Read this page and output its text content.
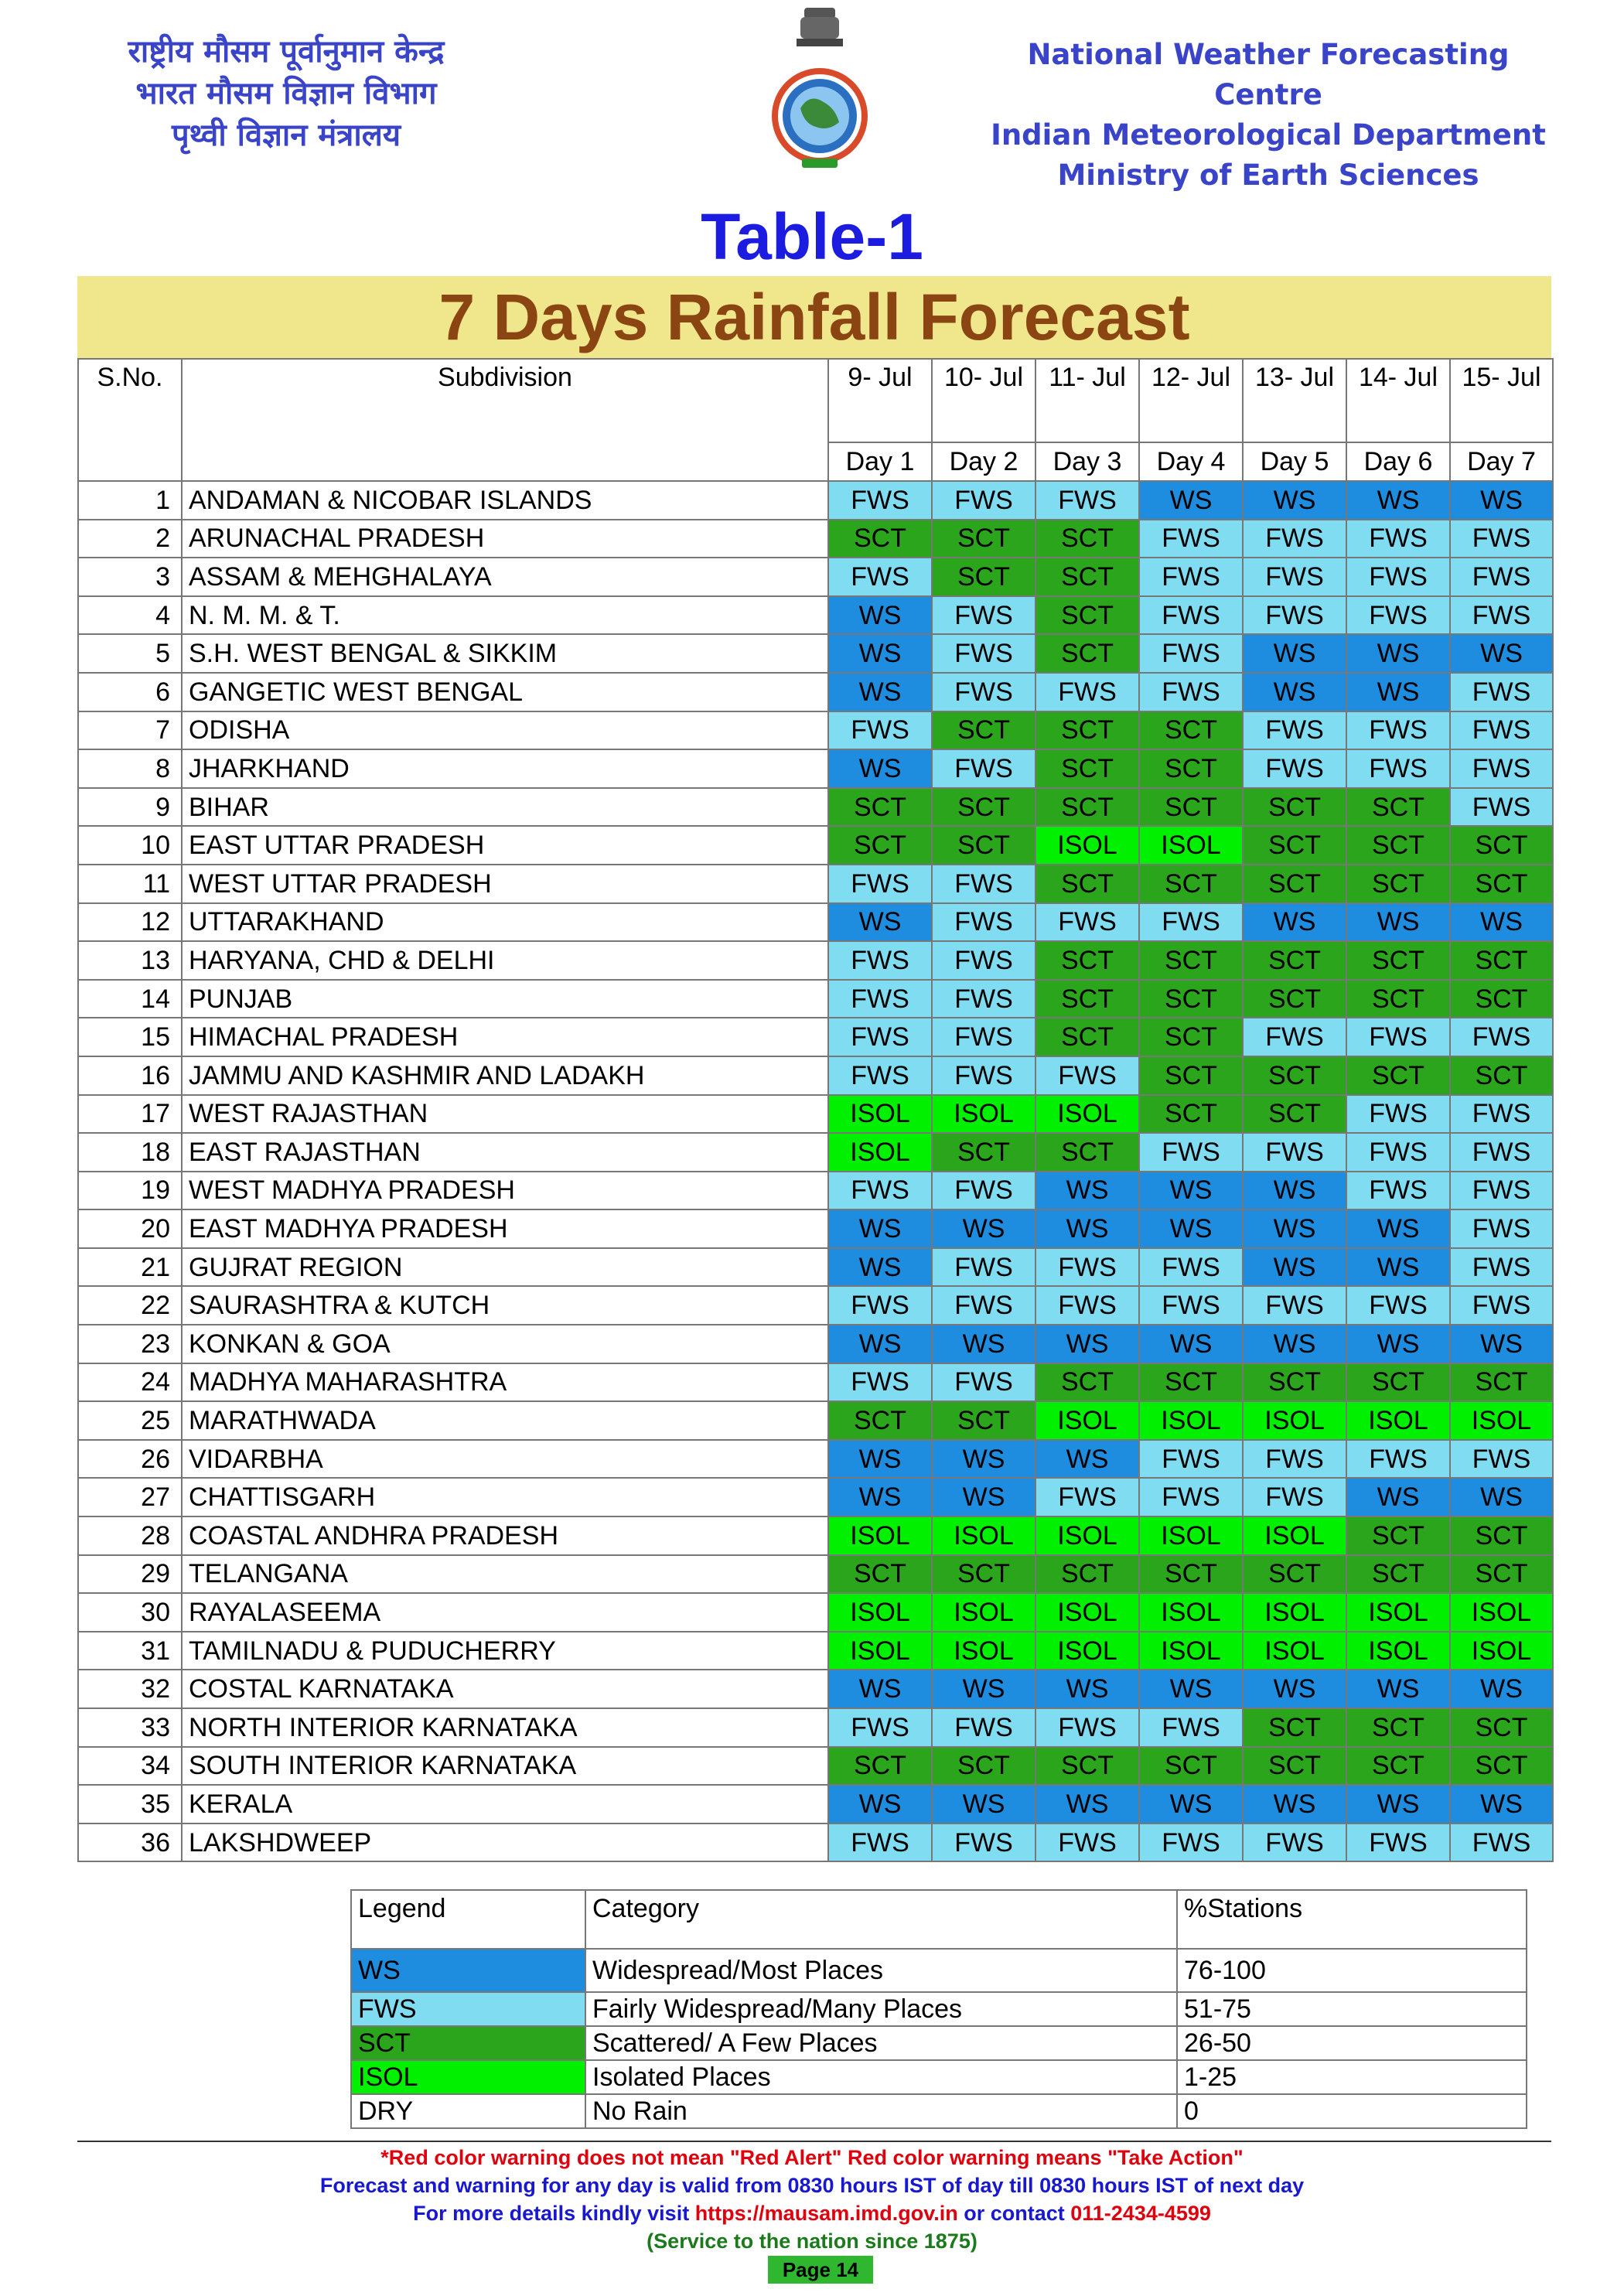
राष्ट्रीय मौसम पूर्वानुमान केन्द्र
भारत मौसम विज्ञान विभाग
पृथ्वी विज्ञान मंत्रालय
National Weather Forecasting Centre
Indian Meteorological Department
Ministry of Earth Sciences
Table-1
7 Days Rainfall Forecast
S.No.	Subdivision	9- Jul	10- Jul	11- Jul	12- Jul	13- Jul	14- Jul	15- Jul
		Day 1	Day 2	Day 3	Day 4	Day 5	Day 6	Day 7
1	ANDAMAN & NICOBAR ISLANDS	FWS	FWS	FWS	WS	WS	WS	WS
2	ARUNACHAL PRADESH	SCT	SCT	SCT	FWS	FWS	FWS	FWS
3	ASSAM & MEHGHALAYA	FWS	SCT	SCT	FWS	FWS	FWS	FWS
4	N. M. M. & T.	WS	FWS	SCT	FWS	FWS	FWS	FWS
5	S.H. WEST BENGAL & SIKKIM	WS	FWS	SCT	FWS	WS	WS	WS
6	GANGETIC WEST BENGAL	WS	FWS	FWS	FWS	WS	WS	FWS
7	ODISHA	FWS	SCT	SCT	SCT	FWS	FWS	FWS
8	JHARKHAND	WS	FWS	SCT	SCT	FWS	FWS	FWS
9	BIHAR	SCT	SCT	SCT	SCT	SCT	SCT	FWS
10	EAST UTTAR PRADESH	SCT	SCT	ISOL	ISOL	SCT	SCT	SCT
11	WEST UTTAR PRADESH	FWS	FWS	SCT	SCT	SCT	SCT	SCT
12	UTTARAKHAND	WS	FWS	FWS	FWS	WS	WS	WS
13	HARYANA, CHD & DELHI	FWS	FWS	SCT	SCT	SCT	SCT	SCT
14	PUNJAB	FWS	FWS	SCT	SCT	SCT	SCT	SCT
15	HIMACHAL PRADESH	FWS	FWS	SCT	SCT	FWS	FWS	FWS
16	JAMMU AND KASHMIR AND LADAKH	FWS	FWS	FWS	SCT	SCT	SCT	SCT
17	WEST RAJASTHAN	ISOL	ISOL	ISOL	SCT	SCT	FWS	FWS
18	EAST RAJASTHAN	ISOL	SCT	SCT	FWS	FWS	FWS	FWS
19	WEST MADHYA PRADESH	FWS	FWS	WS	WS	WS	FWS	FWS
20	EAST MADHYA PRADESH	WS	WS	WS	WS	WS	WS	FWS
21	GUJRAT REGION	WS	FWS	FWS	FWS	WS	WS	FWS
22	SAURASHTRA & KUTCH	FWS	FWS	FWS	FWS	FWS	FWS	FWS
23	KONKAN & GOA	WS	WS	WS	WS	WS	WS	WS
24	MADHYA MAHARASHTRA	FWS	FWS	SCT	SCT	SCT	SCT	SCT
25	MARATHWADA	SCT	SCT	ISOL	ISOL	ISOL	ISOL	ISOL
26	VIDARBHA	WS	WS	WS	FWS	FWS	FWS	FWS
27	CHATTISGARH	WS	WS	FWS	FWS	FWS	WS	WS
28	COASTAL ANDHRA PRADESH	ISOL	ISOL	ISOL	ISOL	ISOL	SCT	SCT
29	TELANGANA	SCT	SCT	SCT	SCT	SCT	SCT	SCT
30	RAYALASEEMA	ISOL	ISOL	ISOL	ISOL	ISOL	ISOL	ISOL
31	TAMILNADU & PUDUCHERRY	ISOL	ISOL	ISOL	ISOL	ISOL	ISOL	ISOL
32	COSTAL KARNATAKA	WS	WS	WS	WS	WS	WS	WS
33	NORTH INTERIOR KARNATAKA	FWS	FWS	FWS	FWS	SCT	SCT	SCT
34	SOUTH INTERIOR KARNATAKA	SCT	SCT	SCT	SCT	SCT	SCT	SCT
35	KERALA	WS	WS	WS	WS	WS	WS	WS
36	LAKSHDWEEP	FWS	FWS	FWS	FWS	FWS	FWS	FWS
Legend	Category	%Stations
WS	Widespread/Most Places	76-100
FWS	Fairly Widespread/Many Places	51-75
SCT	Scattered/ A Few Places	26-50
ISOL	Isolated Places	1-25
DRY	No Rain	0
*Red color warning does not mean "Red Alert" Red color warning means "Take Action"
Forecast and warning for any day is valid from 0830 hours IST of day till 0830 hours IST of next day
For more details kindly visit https://mausam.imd.gov.in or contact 011-2434-4599
(Service to the nation since 1875)
Page 14
